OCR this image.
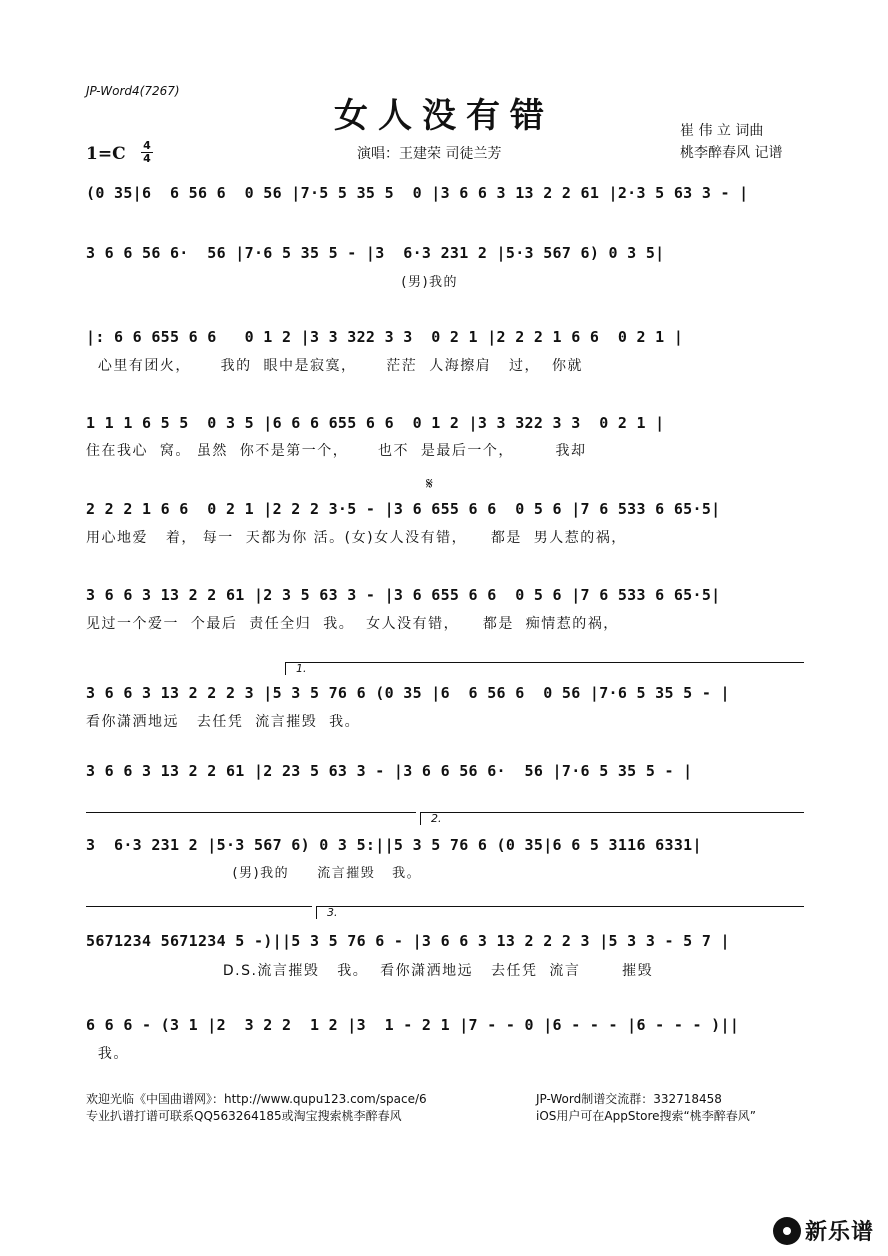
JP-Word4(7267)
女人没有错	崔 伟 立 词曲
桃李醉春风 记谱
1=C 4
4	演唱：王建荣 司徒兰芳
(0 35|6  6 56 6  0 56 |7·5 5 35 5  0 |3 6 6 3 13 2 2 61 |2·3 5 63 3 - |
3 6 6 56 6·  56 |7·6 5 35 5 - |3  6·3 231 2 |5·3 567 6) 0 3 5|
(男)我的
|: 6 6 655 6 6   0 1 2 |3 3 322 3 3  0 2 1 |2 2 2 1 6 6  0 2 1 |
心里有团火，     我的  眼中是寂寞，     茫茫  人海擦肩   过，  你就
1 1 1 6 5 5  0 3 5 |6 6 6 655 6 6  0 1 2 |3 3 322 3 3  0 2 1 |
住在我心  窝。 虽然  你不是第一个，     也不  是最后一个，       我却
𝄋
2 2 2 1 6 6  0 2 1 |2 2 2 3·5 - |3 6 655 6 6  0 5 6 |7 6 533 6 65·5|
用心地爱   着， 每一  天都为你 活。(女)女人没有错，    都是  男人惹的祸，
3 6 6 3 13 2 2 61 |2 3 5 63 3 - |3 6 655 6 6  0 5 6 |7 6 533 6 65·5|
见过一个爱一  个最后  责任全归  我。  女人没有错，    都是  痴情惹的祸，
1.
3 6 6 3 13 2 2 2 3 |5 3 5 76 6 (0 35 |6  6 56 6  0 56 |7·6 5 35 5 - |
看你潇洒地远   去任凭  流言摧毁  我。
3 6 6 3 13 2 2 61 |2 23 5 63 3 - |3 6 6 56 6·  56 |7·6 5 35 5 - |
2.
3  6·3 231 2 |5·3 567 6) 0 3 5:||5 3 5 76 6 (0 35|6 6 5 3116 6331|
(男)我的     流言摧毁   我。
3.
5671234 5671234 5 -)||5 3 5 76 6 - |3 6 6 3 13 2 2 2 3 |5 3 3 - 5 7 |
D.S.流言摧毁   我。  看你潇洒地远   去任凭  流言       摧毁
6 6 6 - (3 1 |2  3 2 2  1 2 |3  1 - 2 1 |7 - - 0 |6 - - - |6 - - - )||
我。
欢迎光临《中国曲谱网》：http://www.qupu123.com/space/6
专业扒谱打谱可联系QQ563264185或淘宝搜索桃李醉春风
JP-Word制谱交流群：332718458
iOS用户可在AppStore搜索“桃李醉春风”
新乐谱
